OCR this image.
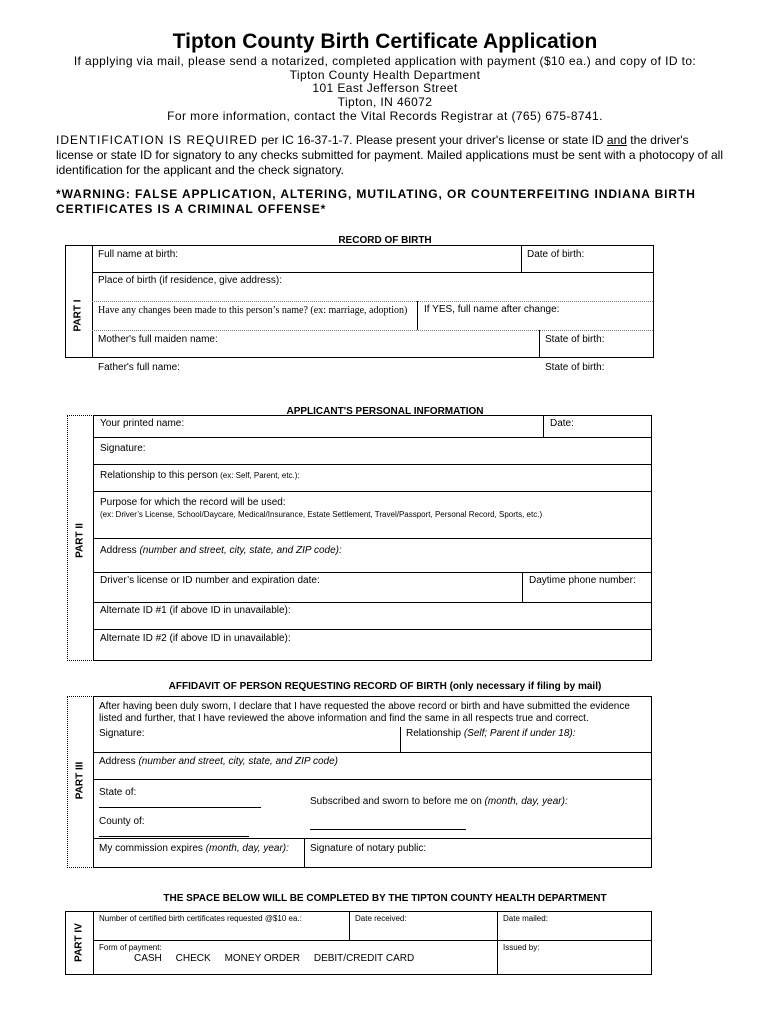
Tipton County Birth Certificate Application
If applying via mail, please send a notarized, completed application with payment ($10 ea.) and copy of ID to:
Tipton County Health Department
101 East Jefferson Street
Tipton, IN 46072
For more information, contact the Vital Records Registrar at (765) 675-8741.
IDENTIFICATION IS REQUIRED per IC 16-37-1-7. Please present your driver's license or state ID and the driver's license or state ID for signatory to any checks submitted for payment. Mailed applications must be sent with a photocopy of all identification for the applicant and the check signatory.
*WARNING: FALSE APPLICATION, ALTERING, MUTILATING, OR COUNTERFEITING INDIANA BIRTH CERTIFICATES IS A CRIMINAL OFFENSE*
RECORD OF BIRTH
PART I
Full name at birth:	Date of birth:
Place of birth (if residence, give address):
Have any changes been made to this person’s name? (ex: marriage, adoption) If YES, full name after change:
Mother's full maiden name:	State of birth:
Father's full name:	State of birth:
APPLICANT'S PERSONAL INFORMATION
PART II
Your printed name:	Date:
Signature:
Relationship to this person (ex: Self, Parent, etc.):
Purpose for which the record will be used:
(ex: Driver’s License, School/Daycare, Medical/Insurance, Estate Settlement, Travel/Passport, Personal Record, Sports, etc.)
Address (number and street, city, state, and ZIP code):
Driver’s license or ID number and expiration date:	Daytime phone number:
Alternate ID #1 (if above ID in unavailable):
Alternate ID #2 (if above ID in unavailable):
AFFIDAVIT OF PERSON REQUESTING RECORD OF BIRTH (only necessary if filing by mail)
PART III
After having been duly sworn, I declare that I have requested the above record or birth and have submitted the evidence
listed and further, that I have reviewed the above information and find the same in all respects true and correct.
Signature:	Relationship (Self; Parent if under 18):
Address (number and street, city, state, and ZIP code)
State of:
Subscribed and sworn to before me on (month, day, year):
County of:
My commission expires (month, day, year): Signature of notary public:
THE SPACE BELOW WILL BE COMPLETED BY THE TIPTON COUNTY HEALTH DEPARTMENT
PART IV
Number of certified birth certificates requested @$10 ea.:	Date received:	Date mailed:
Form of payment:
CASH     CHECK     MONEY ORDER     DEBIT/CREDIT CARD
Issued by:
